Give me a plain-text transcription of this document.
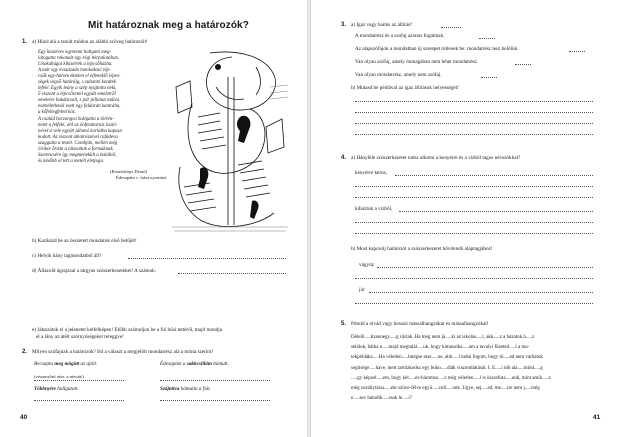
Mit határoznak meg a határozók?
1. a) Húzd alá a tanult módon az alábbi szöveg határozóit!
Egy húszéves egyetemi hallgató meg-
látogatta rokonait egy régi bérpalotában.
Unokahúgai kikísérték a lépcsőházba.
A már egy évszázada bomladozó lép-
csők egy-három éktelen el elfeneklő lépes-
ségek végső határáig, s zuhanni kezdtek
lefelé. Egyik leány a szép nyújtotta neki,
ő viszont a lépcsőzettel együtt emeletről
emeletre bukdácsolt, s pár pillanat múlva
eszméletlenül esett egy faldarab kamrába,
a kőfellegfelett köz.
A család borzongva hallgatta a történ-
netet a felfelé, ahl az önfenntartás ösztö-
nével a vele együtt jáhanó korlátba kapasz-
kodott. Az viszont alkatrészével rafádeva
szaggatta a testét. Combján, mellén még
örökre őrizte a látszottak a formáknak.
Szerencsére így megmenekült a haláltól,
és később el tett a metélt életjoga.
(Kosztolányi Dezső)
Édesapám c. írása nyomán)
b) Karikázd be az összetett mondatok első betűjét!
c) Helyik hány tagmondatból áll?
d) Állázold ágrajzzal a tárgyas szószerkezeteket! A számok:
e) Játsszátok el a jelenetet kétfelképen! Előbb számoljon be a fiú hősi tettéről, majd mondja
el a lány az átélt szörnyűségeket tereggve!
2. Milyen szófajúak a határozók? Írd a választ a megjelölt mondatrész alá a minta szerint!
Becsapta meg mögött az ajtót.
(viszonylati rész. a névutó)
Többnyire hallgatott.
Édesapám a sakkcsillám bámult.
Szájtátva bámulta a fiát.
40
3. a) Igaz vagy hamis az állítás?
A mondatrész és a szófaj azonos fogalmak.
Az alapszófajok a mondatban új szerepet töltenek be: mondatrész lesz belőlük.
Van olyan szófaj, amely önmagában nem lehet mondatrész.
Van olyan mondatrész, amely nem szófaj.
b) Mutasd be példával az igaz állítások helyességét!
4. a) Hányféle szószerkezetet tudsz alkotni a kenyérre és a vízből tagos névszókkal?
kenyérre kerns,
kihúztuk a vízből,
b) Most kapcsolj határozót a szószerkezetet bővítendő alaptagjához!
vágyúz
jár
5. Pótold a olvád vagy hosszú mássalhangzókat és mássalhangzókat!
Délelő.....tizennegy.....g vártak. Ha még nem já.....ki az iskolás.....l, akk.....z a házatok.h.....z
sétálok, hátha n.....majd megtalál.....uk, hogy kimásolha.....am a tavalyi füzeted.....l a ma-
tekpéldáka.....Ha véletlen.....lmégse sker.....ne, abb.....l tudni fogom, hogy tő.....ed nem várhatok
segítsége.....have, mert tartózkodsz egy buko.....diák viszontláttását. I. E.....i idő ala.....mind.....g
.....gy képzel.....em, hogy két.....ez-háromsz.....z még véletlen.....l is összefuta.....unk, mint amik.....z
még osztálytársa.....ént szüve-félve együ.....voll.....unk. Ugye, sej.....ed, me.....ire nem j.....még
e.....sev hatodik.....ssak le.....i?
41
